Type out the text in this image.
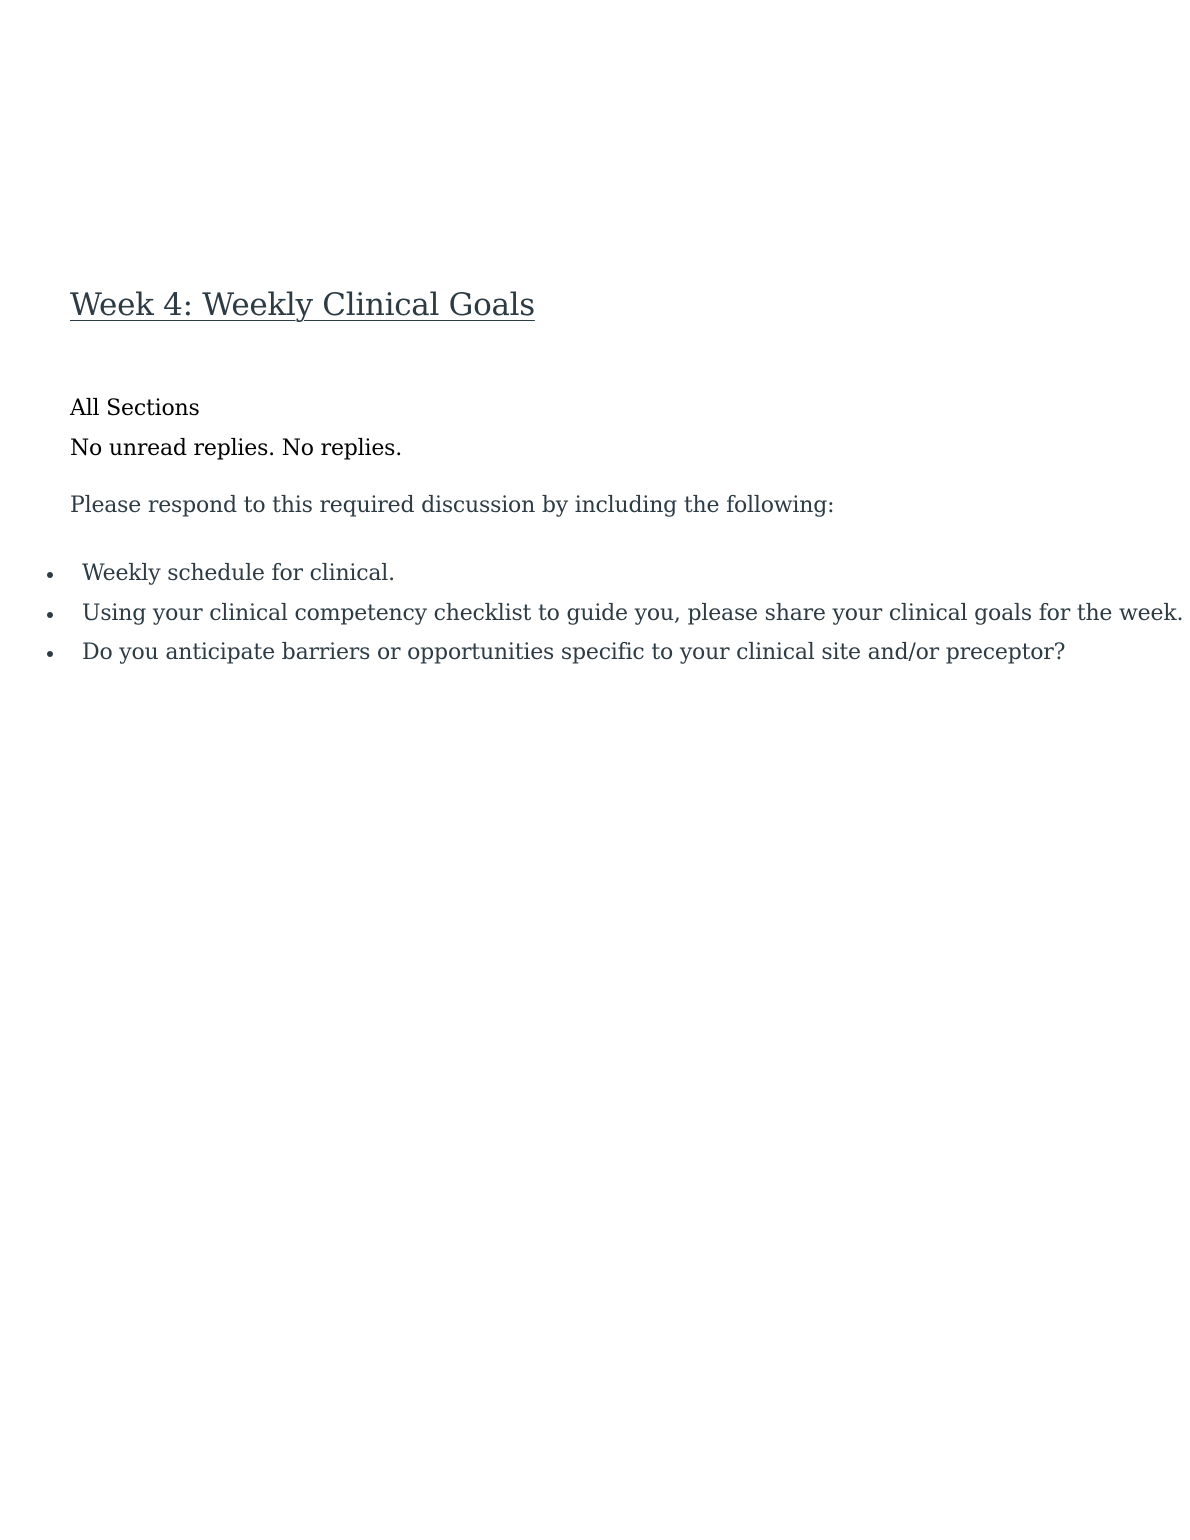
Week 4: Weekly Clinical Goals

All Sections

No unread replies. No replies.

Please respond to this required discussion by including the following:

Weekly schedule for clinical.
Using your clinical competency checklist to guide you, please share your clinical goals for the week.
Do you anticipate barriers or opportunities specific to your clinical site and/or preceptor?
